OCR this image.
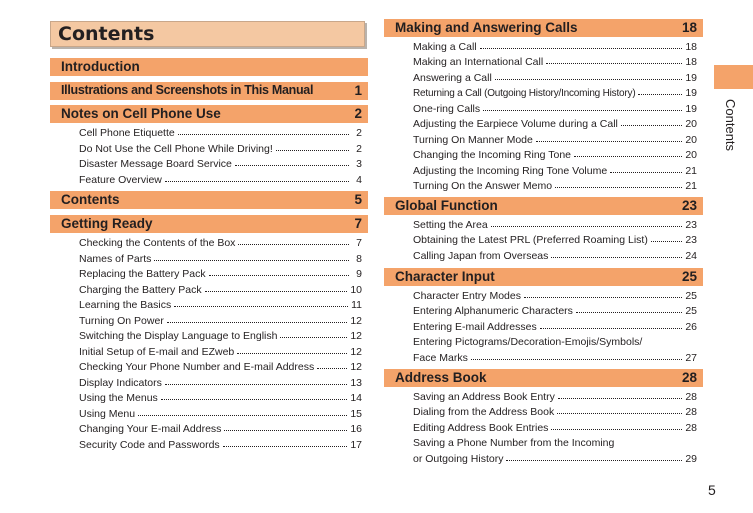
Contents
Introduction
Illustrations and Screenshots in This Manual	1
Notes on Cell Phone Use	2
Cell Phone Etiquette	2
Do Not Use the Cell Phone While Driving!	2
Disaster Message Board Service	3
Feature Overview	4
Contents	5
Getting Ready	7
Checking the Contents of the Box	7
Names of Parts	8
Replacing the Battery Pack	9
Charging the Battery Pack	10
Learning the Basics	11
Turning On Power	12
Switching the Display Language to English	12
Initial Setup of E-mail and EZweb	12
Checking Your Phone Number and E-mail Address	12
Display Indicators	13
Using the Menus	14
Using Menu	15
Changing Your E-mail Address	16
Security Code and Passwords	17
Making and Answering Calls	18
Making a Call	18
Making an International Call	18
Answering a Call	19
Returning a Call (Outgoing History/Incoming History)	19
One-ring Calls	19
Adjusting the Earpiece Volume during a Call	20
Turning On Manner Mode	20
Changing the Incoming Ring Tone	20
Adjusting the Incoming Ring Tone Volume	21
Turning On the Answer Memo	21
Global Function	23
Setting the Area	23
Obtaining the Latest PRL (Preferred Roaming List)	23
Calling Japan from Overseas	24
Character Input	25
Character Entry Modes	25
Entering Alphanumeric Characters	25
Entering E-mail Addresses	26
Entering Pictograms/Decoration-Emojis/Symbols/
Face Marks	27
Address Book	28
Saving an Address Book Entry	28
Dialing from the Address Book	28
Editing Address Book Entries	28
Saving a Phone Number from the Incoming
or Outgoing History	29
Contents
5
